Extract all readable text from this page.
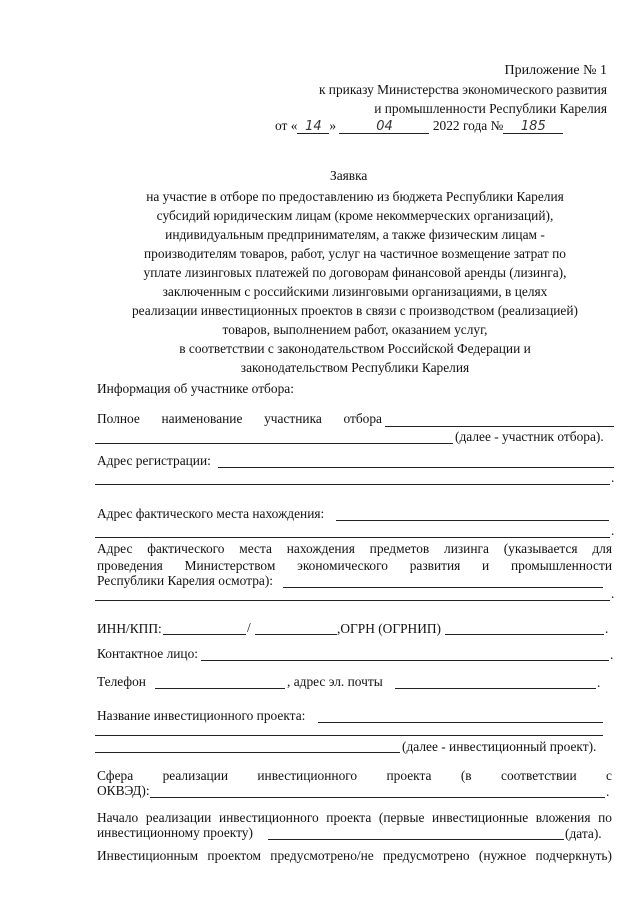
Приложение № 1
к приказу Министерства экономического развития
и промышленности Республики Карелия
от « 14 »	04	2022 года № 185
Заявка
на участие в отборе по предоставлению из бюджета Республики Карелия
субсидий юридическим лицам (кроме некоммерческих организаций),
индивидуальным предпринимателям, а также физическим лицам -
производителям товаров, работ, услуг на частичное возмещение затрат по
уплате лизинговых платежей по договорам финансовой аренды (лизинга),
заключенным с российскими лизинговыми организациями, в целях
реализации инвестиционных проектов в связи с производством (реализацией)
товаров, выполнением работ, оказанием услуг,
в соответствии с законодательством Российской Федерации и
законодательством Республики Карелия
Информация об участнике отбора:
Полное наименование участника отбора
(далее - участник отбора).
Адрес регистрации:
.
Адрес фактического места нахождения:
.
Адрес фактического места нахождения предметов лизинга (указывается для
проведения Министерством экономического развития и промышленности
Республики Карелия осмотра):
.
ИНН/КПП:	/	,ОГРН (ОГРНИП)	.
Контактное лицо:	.
Телефон	, адрес эл. почты	.
Название инвестиционного проекта:
(далее - инвестиционный проект).
Сфера реализации инвестиционного проекта (в соответствии с
ОКВЭД):	.
Начало реализации инвестиционного проекта (первые инвестиционные вложения по
инвестиционному проекту)	(дата).
Инвестиционным проектом предусмотрено/не предусмотрено (нужное подчеркнуть)
